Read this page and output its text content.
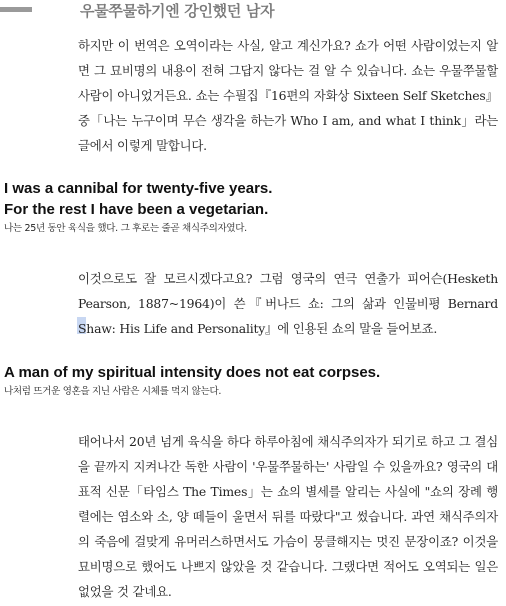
우물쭈물하기엔 강인했던 남자

하지만 이 번역은 오역이라는 사실, 알고 계신가요? 쇼가 어떤 사람이었는지 알면 그 묘비명의 내용이 전혀 그답지 않다는 걸 알 수 있습니다. 쇼는 우물쭈물할 사람이 아니었거든요. 쇼는 수필집『16편의 자화상 Sixteen Self Sketches』중「나는 누구이며 무슨 생각을 하는가 Who I am, and what I think」라는 글에서 이렇게 말합니다.

I was a cannibal for twenty-five years.

For the rest I have been a vegetarian.

나는 25년 동안 육식을 했다. 그 후로는 줄곧 채식주의자였다.

이것으로도 잘 모르시겠다고요? 그럼 영국의 연극 연출가 피어슨(Hesketh Pearson, 1887~1964)이 쓴『버나드 쇼: 그의 삶과 인물비평 Bernard Shaw: His Life and Personality』에 인용된 쇼의 말을 들어보죠.

A man of my spiritual intensity does not eat corpses.

나처럼 뜨거운 영혼을 지닌 사람은 시체를 먹지 않는다.

태어나서 20년 넘게 육식을 하다 하루아침에 채식주의자가 되기로 하고 그 결심을 끝까지 지켜나간 독한 사람이 '우물쭈물하는' 사람일 수 있을까요? 영국의 대표적 신문「타임스 The Times」는 쇼의 별세를 알리는 사실에 "쇼의 장례 행렬에는 염소와 소, 양 떼들이 울면서 뒤를 따랐다"고 썼습니다. 과연 채식주의자의 죽음에 걸맞게 유머러스하면서도 가슴이 뭉클해지는 멋진 문장이죠? 이것을 묘비명으로 했어도 나쁘지 않았을 것 같습니다. 그랬다면 적어도 오역되는 일은 없었을 것 같네요.
